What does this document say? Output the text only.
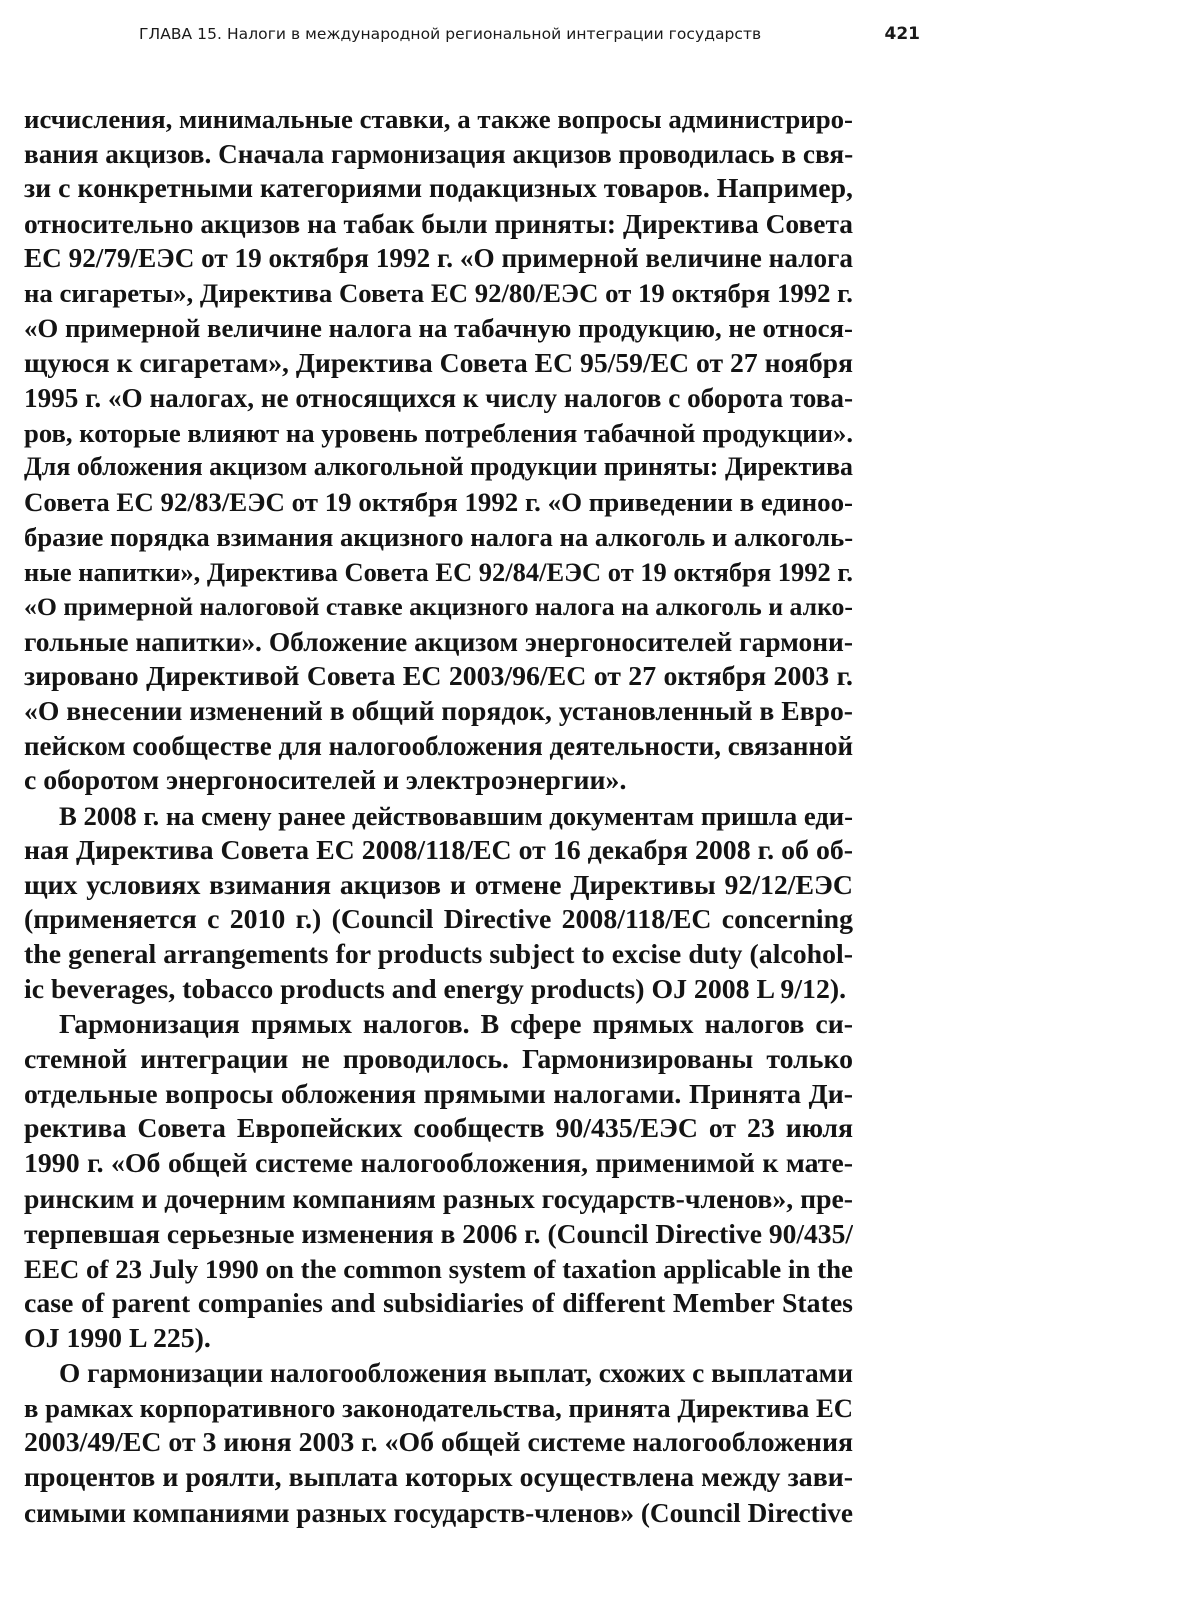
ГЛАВА 15. Налоги в международной региональной интеграции государств	421
исчисления, минимальные ставки, а также вопросы администриро-
вания акцизов. Сначала гармонизация акцизов проводилась в свя-
зи с конкретными категориями подакцизных товаров. Например,
относительно акцизов на табак были приняты: Директива Совета
ЕС 92/79/ЕЭС от 19 октября 1992 г. «О примерной величине налога
на сигареты», Директива Совета ЕС 92/80/ЕЭС от 19 октября 1992 г.
«О примерной величине налога на табачную продукцию, не относя-
щуюся к сигаретам», Директива Совета ЕС 95/59/ЕС от 27 ноября
1995 г. «О налогах, не относящихся к числу налогов с оборота това-
ров, которые влияют на уровень потребления табачной продукции».
Для обложения акцизом алкогольной продукции приняты: Директива
Совета ЕС 92/83/ЕЭС от 19 октября 1992 г. «О приведении в единоо-
бразие порядка взимания акцизного налога на алкоголь и алкоголь-
ные напитки», Директива Совета ЕС 92/84/ЕЭС от 19 октября 1992 г.
«О примерной налоговой ставке акцизного налога на алкоголь и алко-
гольные напитки». Обложение акцизом энергоносителей гармони-
зировано Директивой Совета ЕС 2003/96/ЕС от 27 октября 2003 г.
«О внесении изменений в общий порядок, установленный в Евро-
пейском сообществе для налогообложения деятельности, связанной
с оборотом энергоносителей и электроэнергии».
В 2008 г. на смену ранее действовавшим документам пришла еди-
ная Директива Совета ЕС 2008/118/ЕС от 16 декабря 2008 г. об об-
щих условиях взимания акцизов и отмене Директивы 92/12/ЕЭС
(применяется с 2010 г.) (Council Directive 2008/118/EC concerning
the general arrangements for products subject to excise duty (alcohol-
ic beverages, tobacco products and energy products) OJ 2008 L 9/12).
Гармонизация прямых налогов. В сфере прямых налогов си-
стемной интеграции не проводилось. Гармонизированы только
отдельные вопросы обложения прямыми налогами. Принята Ди-
ректива Совета Европейских сообществ 90/435/ЕЭС от 23 июля
1990 г. «Об общей системе налогообложения, применимой к мате-
ринским и дочерним компаниям разных государств-членов», пре-
терпевшая серьезные изменения в 2006 г. (Council Directive 90/435/
EEC of 23 July 1990 on the common system of taxation applicable in the
case of parent companies and subsidiaries of different Member States
OJ 1990 L 225).
О гармонизации налогообложения выплат, схожих с выплатами
в рамках корпоративного законодательства, принята Директива ЕС
2003/49/ЕС от 3 июня 2003 г. «Об общей системе налогообложения
процентов и роялти, выплата которых осуществлена между зави-
симыми компаниями разных государств-членов» (Council Directive
